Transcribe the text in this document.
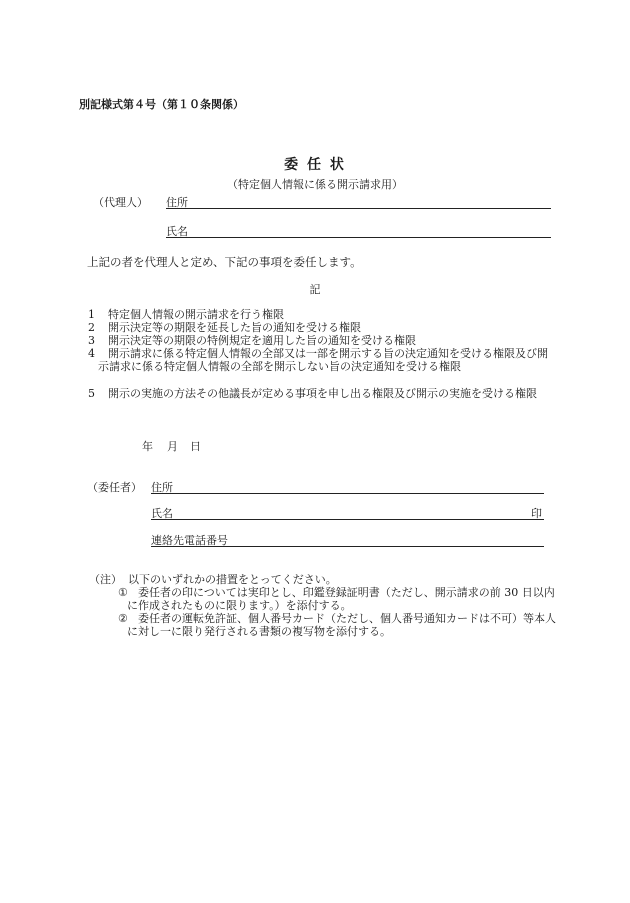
別記様式第４号（第１０条関係）
委 任 状
（特定個人情報に係る開示請求用）
（代理人） 住所
氏名
上記の者を代理人と定め、下記の事項を委任します。
記
1	特定個人情報の開示請求を行う権限
2	開示決定等の期限を延長した旨の通知を受ける権限
3	開示決定等の期限の特例規定を適用した旨の通知を受ける権限
4	開示請求に係る特定個人情報の全部又は一部を開示する旨の決定通知を受ける権限及び開示請求に係る特定個人情報の全部を開示しない旨の決定通知を受ける権限
5	開示の実施の方法その他議長が定める事項を申し出る権限及び開示の実施を受ける権限
年 月 日
（委任者） 住所
氏名	印
連絡先電話番号
（注） 以下のいずれかの措置をとってください。
① 委任者の印については実印とし、印鑑登録証明書（ただし、開示請求の前 30 日以内に作成されたものに限ります。）を添付する。
② 委任者の運転免許証、個人番号カード（ただし、個人番号通知カードは不可）等本人に対し一に限り発行される書類の複写物を添付する。
